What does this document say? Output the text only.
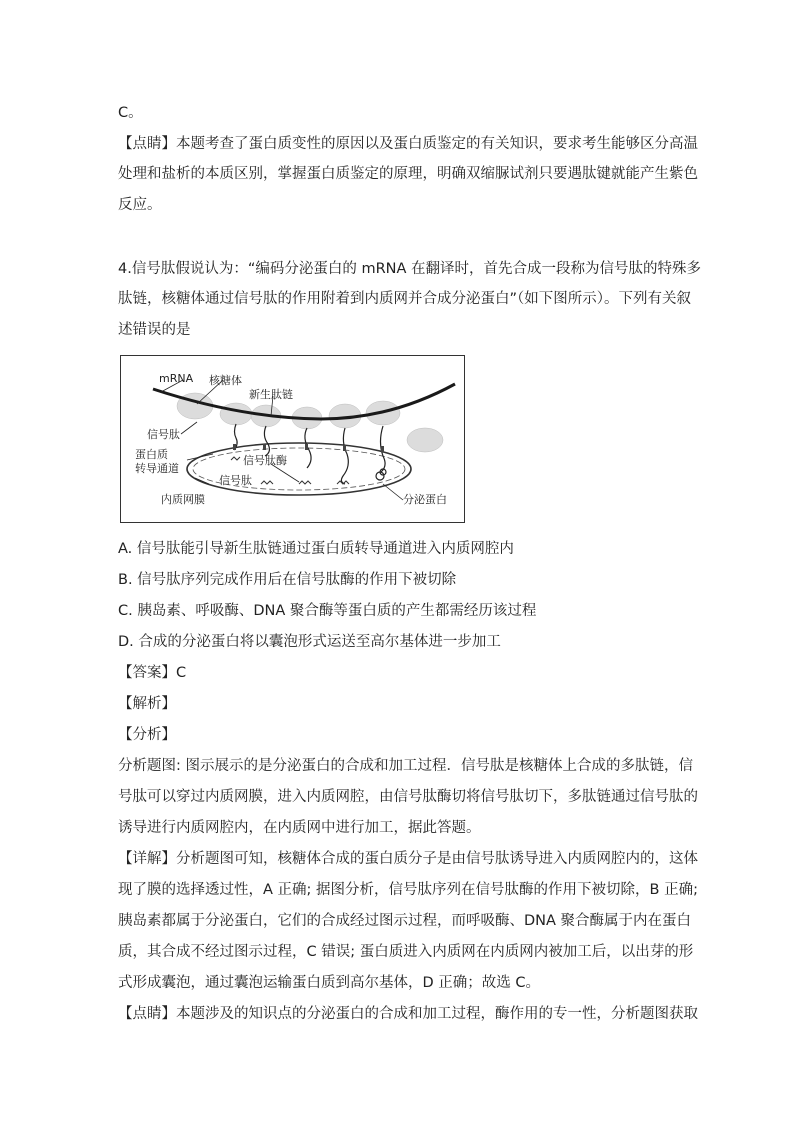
C。
【点睛】本题考查了蛋白质变性的原因以及蛋白质鉴定的有关知识，要求考生能够区分高温
处理和盐析的本质区别，掌握蛋白质鉴定的原理，明确双缩脲试剂只要遇肽键就能产生紫色
反应。
4.信号肽假说认为：“编码分泌蛋白的 mRNA 在翻译时，首先合成一段称为信号肽的特殊多
肽链，核糖体通过信号肽的作用附着到内质网并合成分泌蛋白”（如下图所示）。下列有关叙
述错误的是
mRNA 核糖体
新生肽链
信号肽
蛋白质
转导通道
信号肽酶
信号肽
内质网膜	分泌蛋白
A. 信号肽能引导新生肽链通过蛋白质转导通道进入内质网腔内
B. 信号肽序列完成作用后在信号肽酶的作用下被切除
C. 胰岛素、呼吸酶、DNA 聚合酶等蛋白质的产生都需经历该过程
D. 合成的分泌蛋白将以囊泡形式运送至高尔基体进一步加工
【答案】C
【解析】
【分析】
分析题图: 图示展示的是分泌蛋白的合成和加工过程．信号肽是核糖体上合成的多肽链，信
号肽可以穿过内质网膜，进入内质网腔，由信号肽酶切将信号肽切下，多肽链通过信号肽的
诱导进行内质网腔内，在内质网中进行加工，据此答题。
【详解】分析题图可知，核糖体合成的蛋白质分子是由信号肽诱导进入内质网腔内的，这体
现了膜的选择透过性，A 正确; 据图分析，信号肽序列在信号肽酶的作用下被切除，B 正确;
胰岛素都属于分泌蛋白，它们的合成经过图示过程，而呼吸酶、DNA 聚合酶属于内在蛋白
质，其合成不经过图示过程，C 错误; 蛋白质进入内质网在内质网内被加工后，以出芽的形
式形成囊泡，通过囊泡运输蛋白质到高尔基体，D 正确；故选 C。
【点睛】本题涉及的知识点的分泌蛋白的合成和加工过程，酶作用的专一性，分析题图获取
